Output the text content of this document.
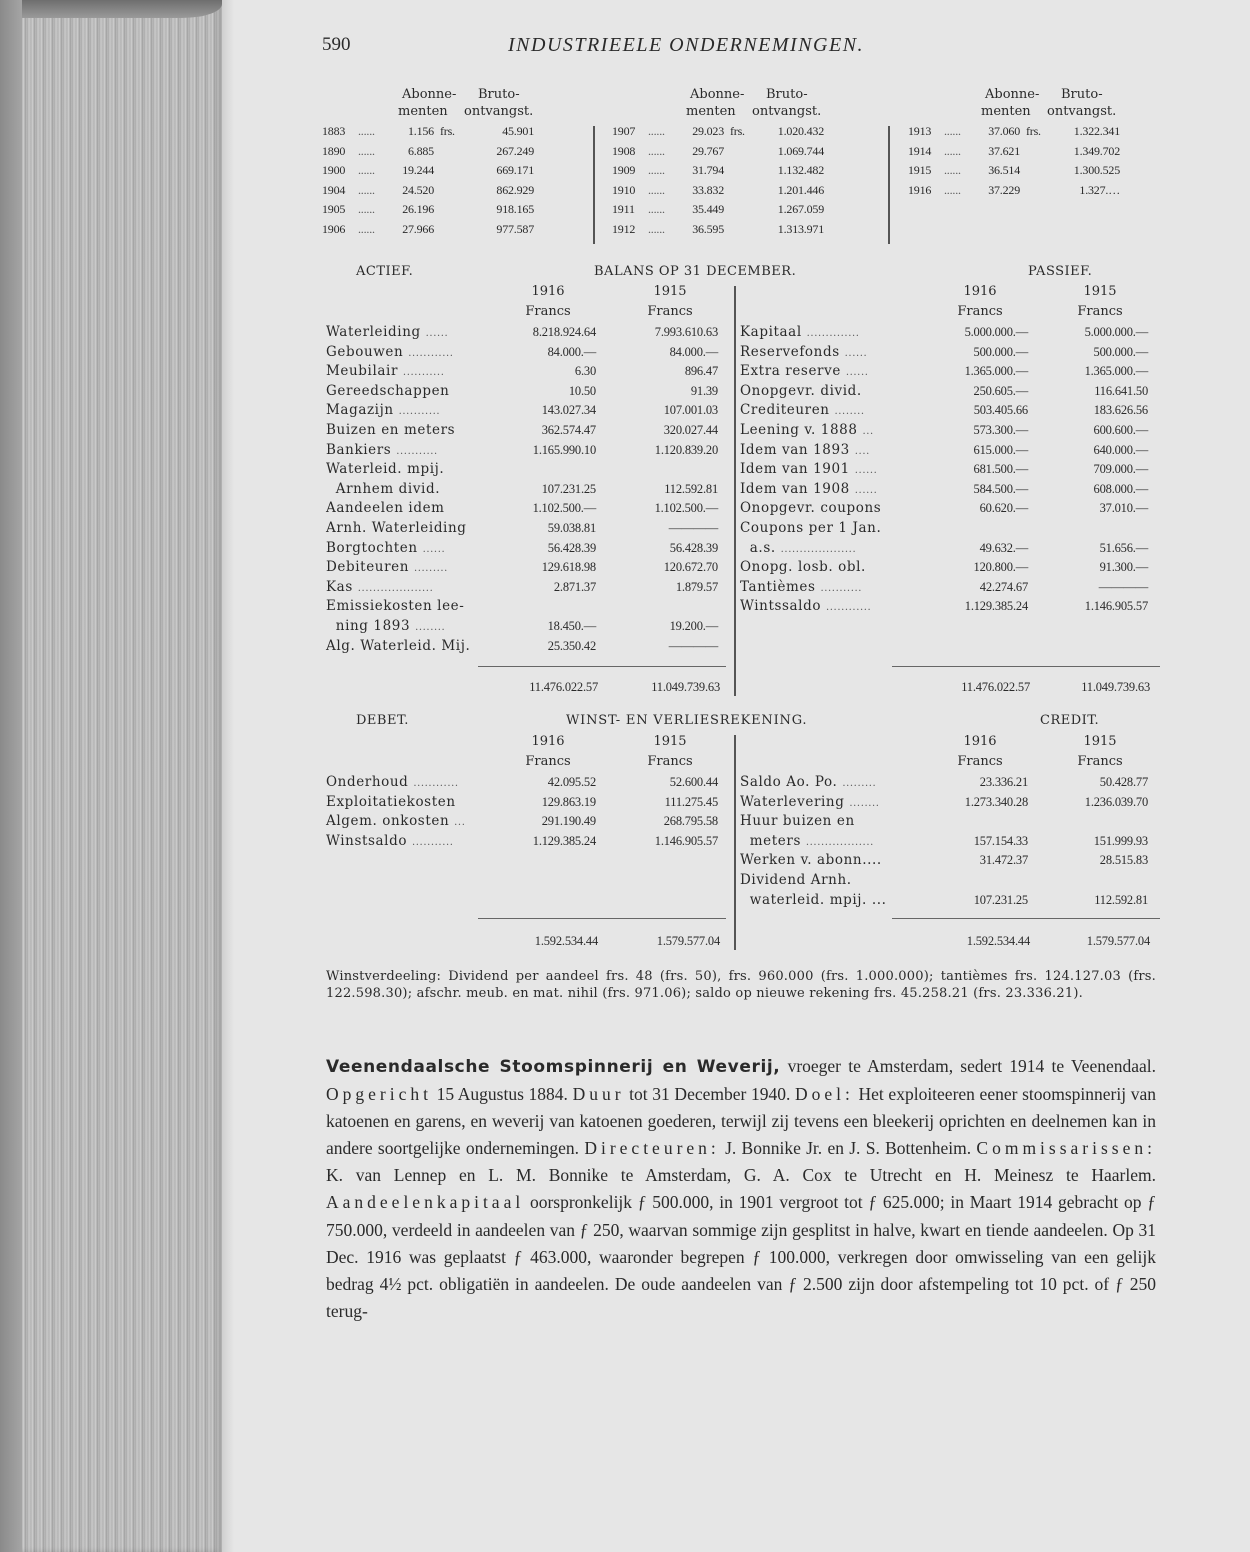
590	INDUSTRIEELE ONDERNEMINGEN.
Abonne- Bruto-
menten ontvangst.
1883 ......	1.156 frs.	45.901
1890 ......	6.885	267.249
1900 ......	19.244	669.171
1904 ......	24.520	862.929
1905 ......	26.196	918.165
1906 ......	27.966	977.587
Abonne- Bruto-
menten ontvangst.
1907 ......	29.023 frs.	1.020.432
1908 ......	29.767	1.069.744
1909 ......	31.794	1.132.482
1910 ......	33.832	1.201.446
1911 ......	35.449	1.267.059
1912 ......	36.595	1.313.971
Abonne- Bruto-
menten ontvangst.
1913 ......	37.060 frs.	1.322.341
1914 ......	37.621	1.349.702
1915 ......	36.514	1.300.525
1916 ......	37.229	1.327.…
ACTIEF.	BALANS OP 31 DECEMBER.	PASSIEF.
1916	1915
Francs	Francs
1916	1915
Francs	Francs
Waterleiding ......	8.218.924.64	7.993.610.63
Gebouwen ............	84.000.—	84.000.—
Meubilair ...........	6.30	896.47
Gereedschappen	10.50	91.39
Magazijn ...........	143.027.34	107.001.03
Buizen en meters	362.574.47	320.027.44
Bankiers ...........	1.165.990.10	1.120.839.20
Waterleid. mpij.
Arnhem divid.	107.231.25	112.592.81
Aandeelen idem	1.102.500.—	1.102.500.—
Arnh. Waterleiding	59.038.81	————
Borgtochten ......	56.428.39	56.428.39
Debiteuren .........	129.618.98	120.672.70
Kas ....................	2.871.37	1.879.57
Emissiekosten lee-
ning 1893 ........	18.450.—	19.200.—
Alg. Waterleid. Mij.	25.350.42	————
Kapitaal ..............	5.000.000.—	5.000.000.—
Reservefonds ......	500.000.—	500.000.—
Extra reserve ......	1.365.000.—	1.365.000.—
Onopgevr. divid.	250.605.—	116.641.50
Crediteuren ........	503.405.66	183.626.56
Leening v. 1888 ...	573.300.—	600.600.—
Idem van 1893 ....	615.000.—	640.000.—
Idem van 1901 ......	681.500.—	709.000.—
Idem van 1908 ......	584.500.—	608.000.—
Onopgevr. coupons	60.620.—	37.010.—
Coupons per 1 Jan.
a.s. ....................	49.632.—	51.656.—
Onopg. losb. obl.	120.800.—	91.300.—
Tantièmes ...........	42.274.67	————
Wintssaldo ............	1.129.385.24	1.146.905.57
11.476.022.57	11.049.739.63	11.476.022.57	11.049.739.63
DEBET.	WINST- EN VERLIESREKENING.	CREDIT.
1916	1915
Francs	Francs
1916	1915
Francs	Francs
Onderhoud ............	42.095.52	52.600.44
Exploitatiekosten	129.863.19	111.275.45
Algem. onkosten ...	291.190.49	268.795.58
Winstsaldo ...........	1.129.385.24	1.146.905.57
Saldo Ao. Po. .........	23.336.21	50.428.77
Waterlevering ........	1.273.340.28	1.236.039.70
Huur buizen en
meters ..................	157.154.33	151.999.93
Werken v. abonn....	31.472.37	28.515.83
Dividend Arnh.
waterleid. mpij. ...	107.231.25	112.592.81
1.592.534.44	1.579.577.04	1.592.534.44	1.579.577.04
Winstverdeeling: Dividend per aandeel frs. 48 (frs. 50), frs. 960.000 (frs. 1.000.000); tantièmes frs. 124.127.03 (frs. 122.598.30); afschr. meub. en mat. nihil (frs. 971.06); saldo op nieuwe rekening frs. 45.258.21 (frs. 23.336.21).
Veenendaalsche Stoomspinnerij en Weverij, vroeger te Amsterdam, sedert 1914 te Veenendaal. Opgericht 15 Augustus 1884. Duur tot 31 December 1940. Doel: Het exploiteeren eener stoomspinnerij van katoenen en garens, en weverij van katoenen goederen, terwijl zij tevens een bleekerij oprichten en deelnemen kan in andere soortgelijke ondernemingen. Directeuren: J. Bonnike Jr. en J. S. Bottenheim. Commissarissen: K. van Lennep en L. M. Bonnike te Amsterdam, G. A. Cox te Utrecht en H. Meinesz te Haarlem. Aandeelenkapitaal oorspronkelijk ƒ 500.000, in 1901 vergroot tot ƒ 625.000; in Maart 1914 gebracht op ƒ 750.000, verdeeld in aandeelen van ƒ 250, waarvan sommige zijn gesplitst in halve, kwart en tiende aandeelen. Op 31 Dec. 1916 was geplaatst ƒ 463.000, waaronder begrepen ƒ 100.000, verkregen door omwisseling van een gelijk bedrag 4½ pct. obligatiën in aandeelen. De oude aandeelen van ƒ 2.500 zijn door afstempeling tot 10 pct. of ƒ 250 terug-
